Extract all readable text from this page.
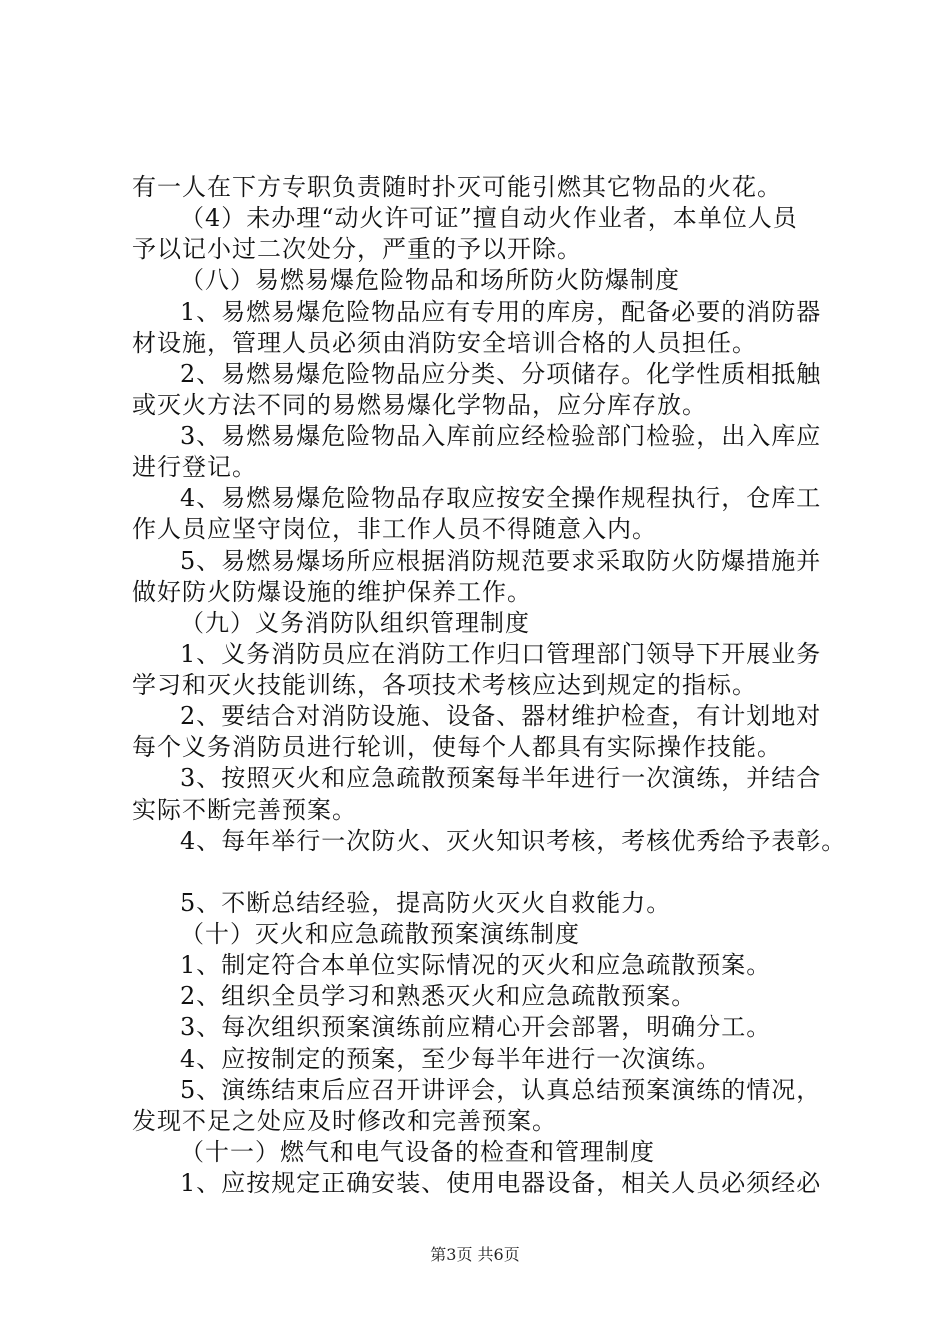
有一人在下方专职负责随时扑灭可能引燃其它物品的火花。
（4）未办理“动火许可证”擅自动火作业者，本单位人员
予以记小过二次处分，严重的予以开除。
（八）易燃易爆危险物品和场所防火防爆制度
1、易燃易爆危险物品应有专用的库房，配备必要的消防器
材设施，管理人员必须由消防安全培训合格的人员担任。
2、易燃易爆危险物品应分类、分项储存。化学性质相抵触
或灭火方法不同的易燃易爆化学物品，应分库存放。
3、易燃易爆危险物品入库前应经检验部门检验，出入库应
进行登记。
4、易燃易爆危险物品存取应按安全操作规程执行，仓库工
作人员应坚守岗位，非工作人员不得随意入内。
5、易燃易爆场所应根据消防规范要求采取防火防爆措施并
做好防火防爆设施的维护保养工作。
（九）义务消防队组织管理制度
1、义务消防员应在消防工作归口管理部门领导下开展业务
学习和灭火技能训练，各项技术考核应达到规定的指标。
2、要结合对消防设施、设备、器材维护检查，有计划地对
每个义务消防员进行轮训，使每个人都具有实际操作技能。
3、按照灭火和应急疏散预案每半年进行一次演练，并结合
实际不断完善预案。
4、每年举行一次防火、灭火知识考核，考核优秀给予表彰。
5、不断总结经验，提高防火灭火自救能力。
（十）灭火和应急疏散预案演练制度
1、制定符合本单位实际情况的灭火和应急疏散预案。
2、组织全员学习和熟悉灭火和应急疏散预案。
3、每次组织预案演练前应精心开会部署，明确分工。
4、应按制定的预案，至少每半年进行一次演练。
5、演练结束后应召开讲评会，认真总结预案演练的情况，
发现不足之处应及时修改和完善预案。
（十一）燃气和电气设备的检查和管理制度
1、应按规定正确安装、使用电器设备，相关人员必须经必
第3页 共6页
